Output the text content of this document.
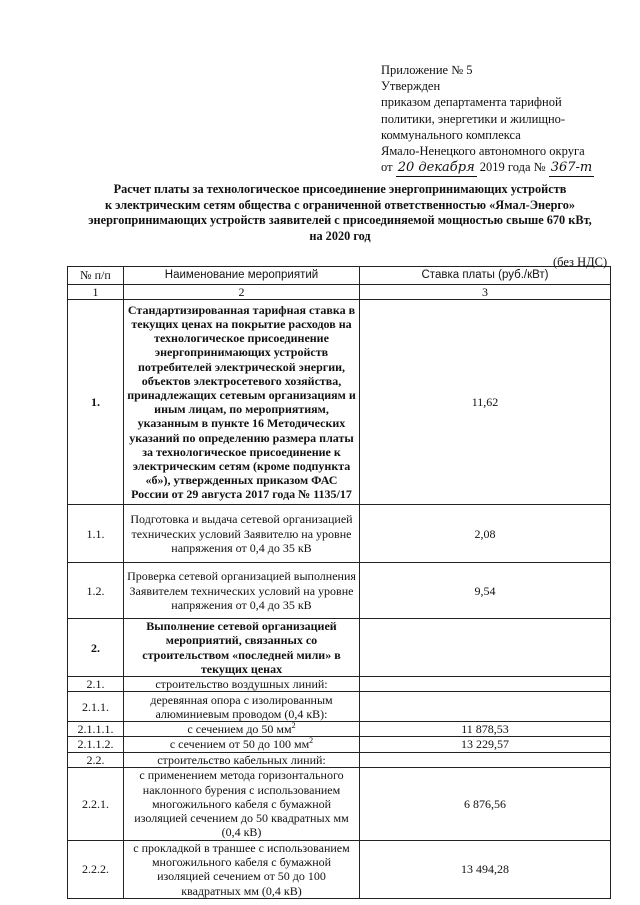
Приложение № 5
Утвержден
приказом департамента тарифной
политики, энергетики и жилищно-
коммунального комплекса
Ямало-Ненецкого автономного округа
от 20 декабря 2019 года № 367-т
Расчет платы за технологическое присоединение энергопринимающих устройств
к электрическим сетям общества с ограниченной ответственностью «Ямал-Энерго»
энергопринимающих устройств заявителей с присоединяемой мощностью свыше 670 кВт,
на 2020 год
(без НДС)
№ п/п	Наименование мероприятий	Ставка платы (руб./кВт)
1	2	3
1.	Стандартизированная тарифная ставка в текущих ценах на покрытие расходов на технологическое присоединение энергопринимающих устройств потребителей электрической энергии, объектов электросетевого хозяйства, принадлежащих сетевым организациям и иным лицам, по мероприятиям, указанным в пункте 16 Методических указаний по определению размера платы за технологическое присоединение к электрическим сетям (кроме подпункта «б»), утвержденных приказом ФАС России от 29 августа 2017 года № 1135/17	11,62
1.1.	Подготовка и выдача сетевой организацией технических условий Заявителю на уровне напряжения от 0,4 до 35 кВ	2,08
1.2.	Проверка сетевой организацией выполнения Заявителем технических условий на уровне напряжения от 0,4 до 35 кВ	9,54
2.	Выполнение сетевой организацией мероприятий, связанных со строительством «последней мили» в текущих ценах	
2.1.	строительство воздушных линий:	
2.1.1.	деревянная опора с изолированным алюминиевым проводом (0,4 кВ):	
2.1.1.1.	с сечением до 50 $мм^2$	11 878,53
2.1.1.2.	с сечением от 50 до 100 $мм^2$	13 229,57
2.2.	строительство кабельных линий:	
2.2.1.	с применением метода горизонтального наклонного бурения с использованием многожильного кабеля с бумажной изоляцией сечением до 50 квадратных мм (0,4 кВ)	6 876,56
2.2.2.	с прокладкой в траншее с использованием многожильного кабеля с бумажной изоляцией сечением от 50 до 100 квадратных мм (0,4 кВ)	13 494,28
